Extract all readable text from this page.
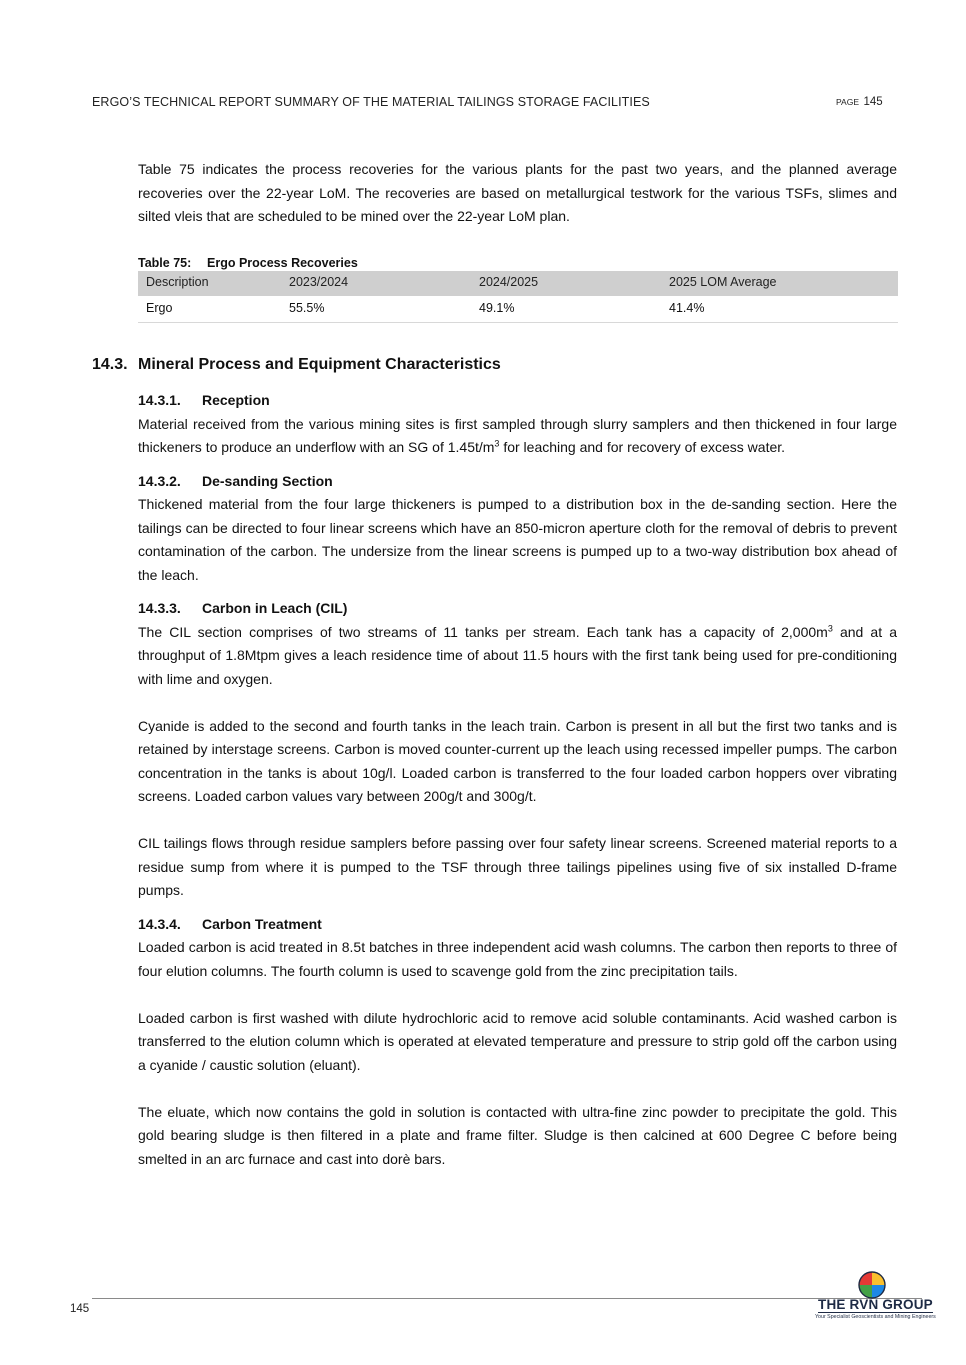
ERGO’S TECHNICAL REPORT SUMMARY OF THE MATERIAL TAILINGS STORAGE FACILITIES	PAGE 145

Table 75 indicates the process recoveries for the various plants for the past two years, and the planned average recoveries over the 22-year LoM. The recoveries are based on metallurgical testwork for the various TSFs, slimes and silted vleis that are scheduled to be mined over the 22-year LoM plan.

Table 75: Ergo Process Recoveries
Description	2023/2024	2024/2025	2025 LOM Average
Ergo	55.5%	49.1%	41.4%
14.3. Mineral Process and Equipment Characteristics
14.3.1. Reception

Material received from the various mining sites is first sampled through slurry samplers and then thickened in four large thickeners to produce an underflow with an SG of $1.45t/m^3$ for leaching and for recovery of excess water.

14.3.2. De-sanding Section

Thickened material from the four large thickeners is pumped to a distribution box in the de-sanding section. Here the tailings can be directed to four linear screens which have an 850-micron aperture cloth for the removal of debris to prevent contamination of the carbon. The undersize from the linear screens is pumped up to a two-way distribution box ahead of the leach.

14.3.3. Carbon in Leach (CIL)

The CIL section comprises of two streams of 11 tanks per stream. Each tank has a capacity of $2,000m^3$ and at a throughput of 1.8Mtpm gives a leach residence time of about 11.5 hours with the first tank being used for pre-conditioning with lime and oxygen.

Cyanide is added to the second and fourth tanks in the leach train. Carbon is present in all but the first two tanks and is retained by interstage screens. Carbon is moved counter-current up the leach using recessed impeller pumps. The carbon concentration in the tanks is about 10g/l. Loaded carbon is transferred to the four loaded carbon hoppers over vibrating screens. Loaded carbon values vary between 200g/t and 300g/t.

CIL tailings flows through residue samplers before passing over four safety linear screens. Screened material reports to a residue sump from where it is pumped to the TSF through three tailings pipelines using five of six installed D-frame pumps.

14.3.4. Carbon Treatment

Loaded carbon is acid treated in 8.5t batches in three independent acid wash columns. The carbon then reports to three of four elution columns. The fourth column is used to scavenge gold from the zinc precipitation tails.

Loaded carbon is first washed with dilute hydrochloric acid to remove acid soluble contaminants. Acid washed carbon is transferred to the elution column which is operated at elevated temperature and pressure to strip gold off the carbon using a cyanide / caustic solution (eluant).

The eluate, which now contains the gold in solution is contacted with ultra-fine zinc powder to precipitate the gold. This gold bearing sludge is then filtered in a plate and frame filter. Sludge is then calcined at 600 Degree C before being smelted in an arc furnace and cast into dorè bars.

145	THE RVN GROUP
Your Specialist Geoscientists and Mining Engineers
